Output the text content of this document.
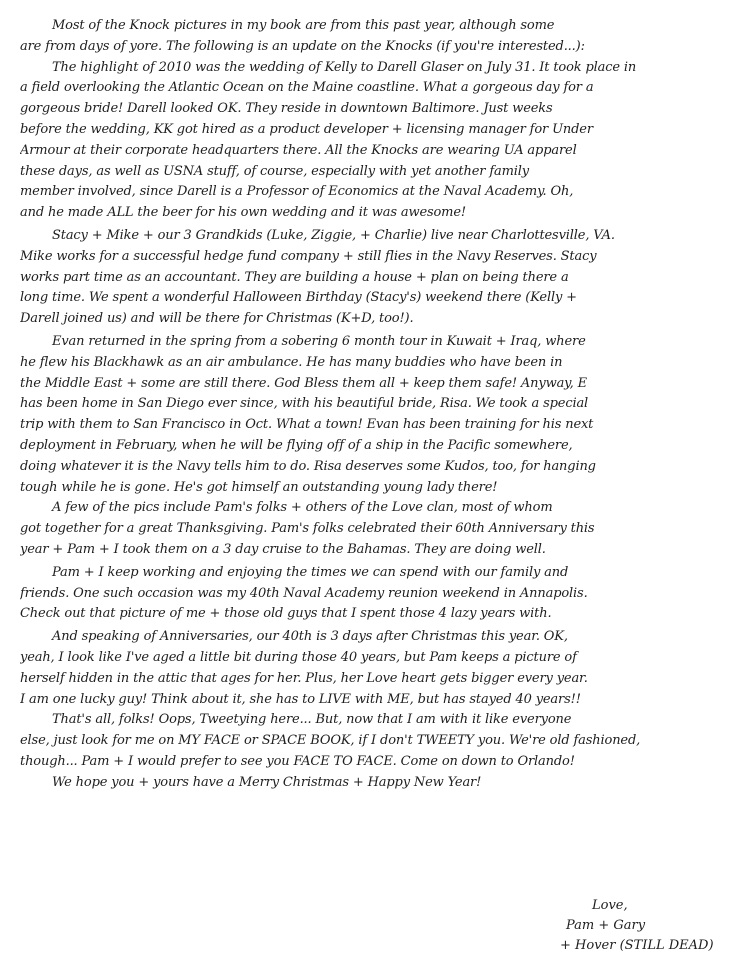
Most of the Knock pictures in my book are from this past year, although some
are from days of yore. The following is an update on the Knocks (if you're interested...):
The highlight of 2010 was the wedding of Kelly to Darell Glaser on July 31. It took place in
a field overlooking the Atlantic Ocean on the Maine coastline. What a gorgeous day for a
gorgeous bride! Darell looked OK. They reside in downtown Baltimore. Just weeks
before the wedding, KK got hired as a product developer + licensing manager for Under
Armour at their corporate headquarters there. All the Knocks are wearing UA apparel
these days, as well as USNA stuff, of course, especially with yet another family
member involved, since Darell is a Professor of Economics at the Naval Academy. Oh,
and he made ALL the beer for his own wedding and it was awesome!
Stacy + Mike + our 3 Grandkids (Luke, Ziggie, + Charlie) live near Charlottesville, VA.
Mike works for a successful hedge fund company + still flies in the Navy Reserves. Stacy
works part time as an accountant. They are building a house + plan on being there a
long time. We spent a wonderful Halloween Birthday (Stacy's) weekend there (Kelly +
Darell joined us) and will be there for Christmas (K+D, too!).
Evan returned in the spring from a sobering 6 month tour in Kuwait + Iraq, where
he flew his Blackhawk as an air ambulance. He has many buddies who have been in
the Middle East + some are still there. God Bless them all + keep them safe! Anyway, E
has been home in San Diego ever since, with his beautiful bride, Risa. We took a special
trip with them to San Francisco in Oct. What a town! Evan has been training for his next
deployment in February, when he will be flying off of a ship in the Pacific somewhere,
doing whatever it is the Navy tells him to do. Risa deserves some Kudos, too, for hanging
tough while he is gone. He's got himself an outstanding young lady there!
A few of the pics include Pam's folks + others of the Love clan, most of whom
got together for a great Thanksgiving. Pam's folks celebrated their 60th Anniversary this
year + Pam + I took them on a 3 day cruise to the Bahamas. They are doing well.
Pam + I keep working and enjoying the times we can spend with our family and
friends. One such occasion was my 40th Naval Academy reunion weekend in Annapolis.
Check out that picture of me + those old guys that I spent those 4 lazy years with.
And speaking of Anniversaries, our 40th is 3 days after Christmas this year. OK,
yeah, I look like I've aged a little bit during those 40 years, but Pam keeps a picture of
herself hidden in the attic that ages for her. Plus, her Love heart gets bigger every year.
I am one lucky guy! Think about it, she has to LIVE with ME, but has stayed 40 years!!
That's all, folks! Oops, Tweetying here... But, now that I am with it like everyone
else, just look for me on MY FACE or SPACE BOOK, if I don't TWEETY you. We're old fashioned,
though... Pam + I would prefer to see you FACE TO FACE. Come on down to Orlando!
We hope you + yours have a Merry Christmas + Happy New Year!
Love,
Pam + Gary
+ Hover (STILL DEAD)
